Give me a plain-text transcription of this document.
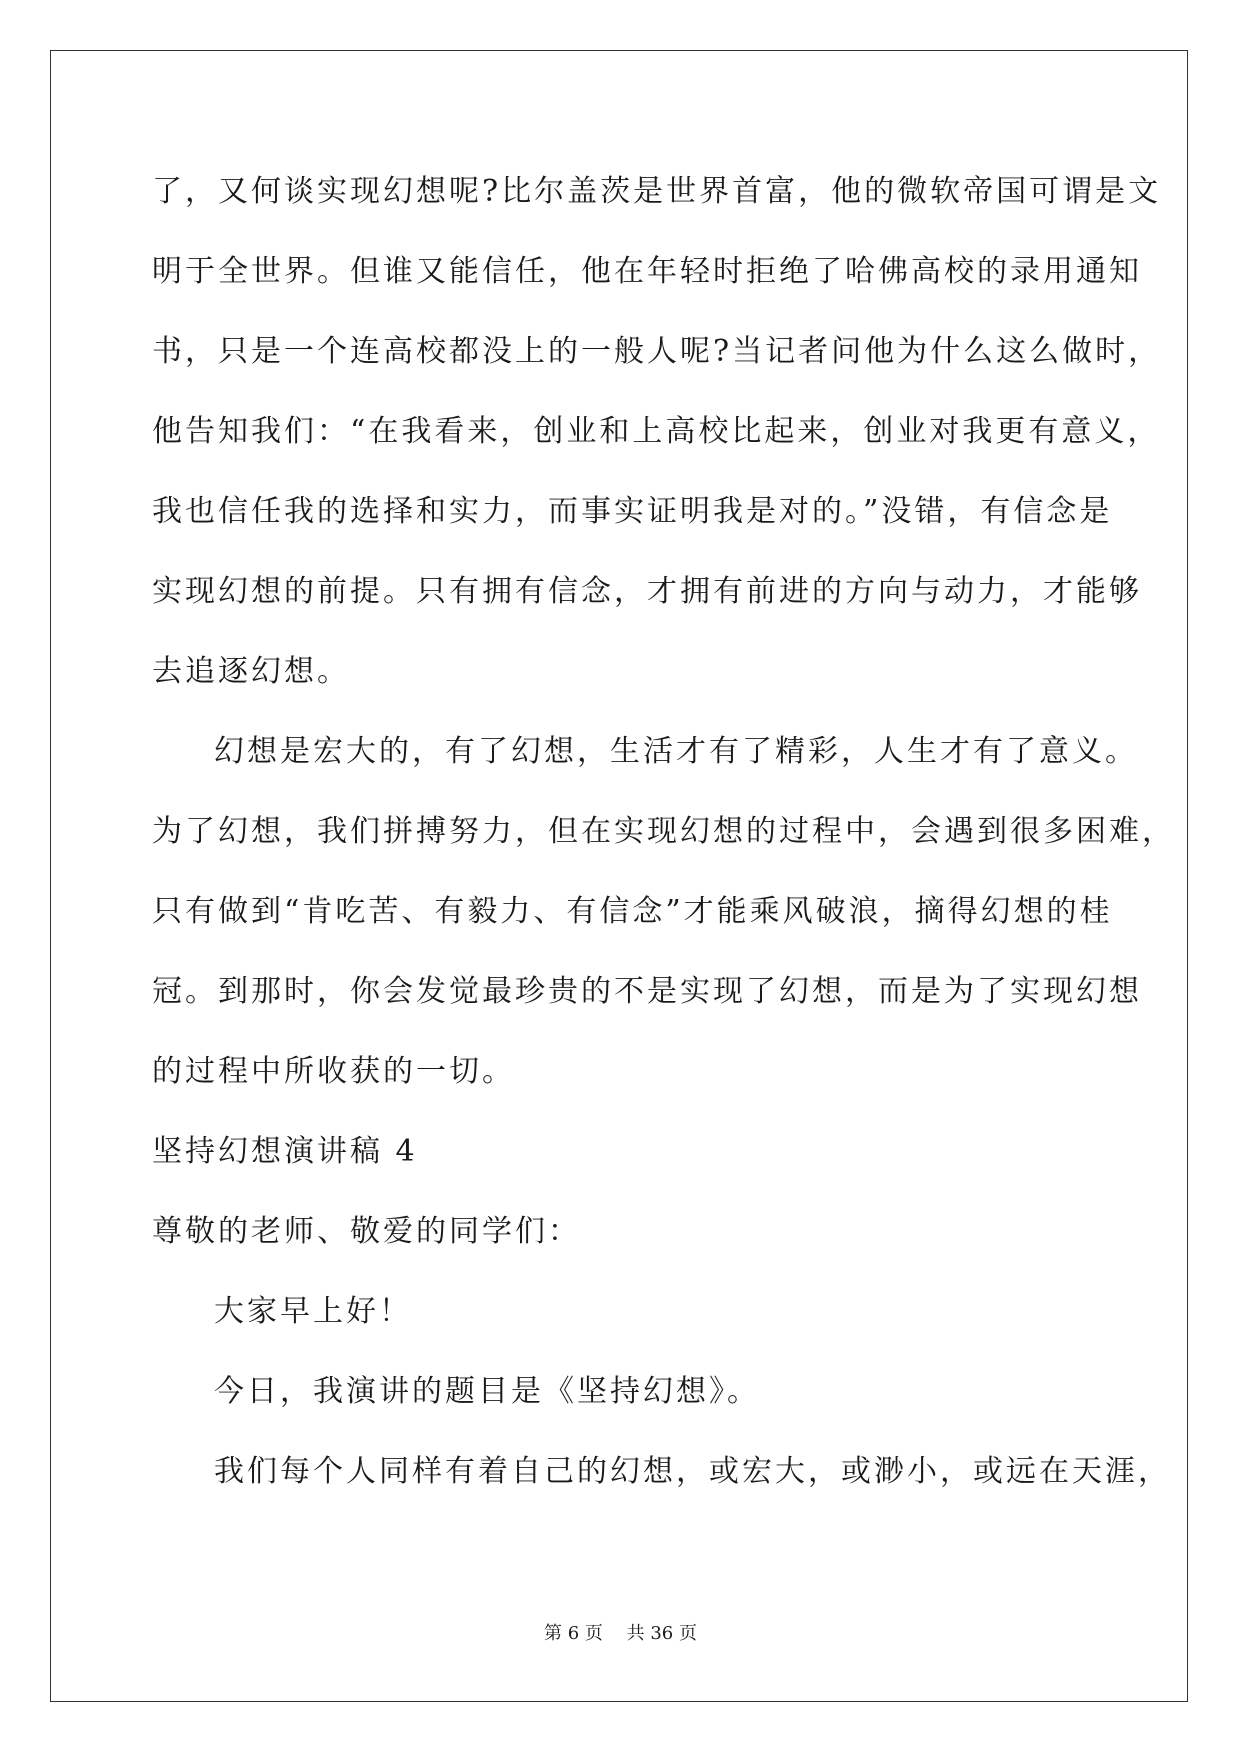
了，又何谈实现幻想呢?比尔盖茨是世界首富，他的微软帝国可谓是文
明于全世界。但谁又能信任，他在年轻时拒绝了哈佛高校的录用通知
书，只是一个连高校都没上的一般人呢?当记者问他为什么这么做时，
他告知我们：“在我看来，创业和上高校比起来，创业对我更有意义，
我也信任我的选择和实力，而事实证明我是对的。”没错，有信念是
实现幻想的前提。只有拥有信念，才拥有前进的方向与动力，才能够
去追逐幻想。
幻想是宏大的，有了幻想，生活才有了精彩，人生才有了意义。
为了幻想，我们拼搏努力，但在实现幻想的过程中，会遇到很多困难，
只有做到“肯吃苦、有毅力、有信念”才能乘风破浪，摘得幻想的桂
冠。到那时，你会发觉最珍贵的不是实现了幻想，而是为了实现幻想
的过程中所收获的一切。
坚持幻想演讲稿 4
尊敬的老师、敬爱的同学们：
大家早上好！
今日，我演讲的题目是《坚持幻想》。
我们每个人同样有着自己的幻想，或宏大，或渺小，或远在天涯，
第 6 页　 共 36 页
